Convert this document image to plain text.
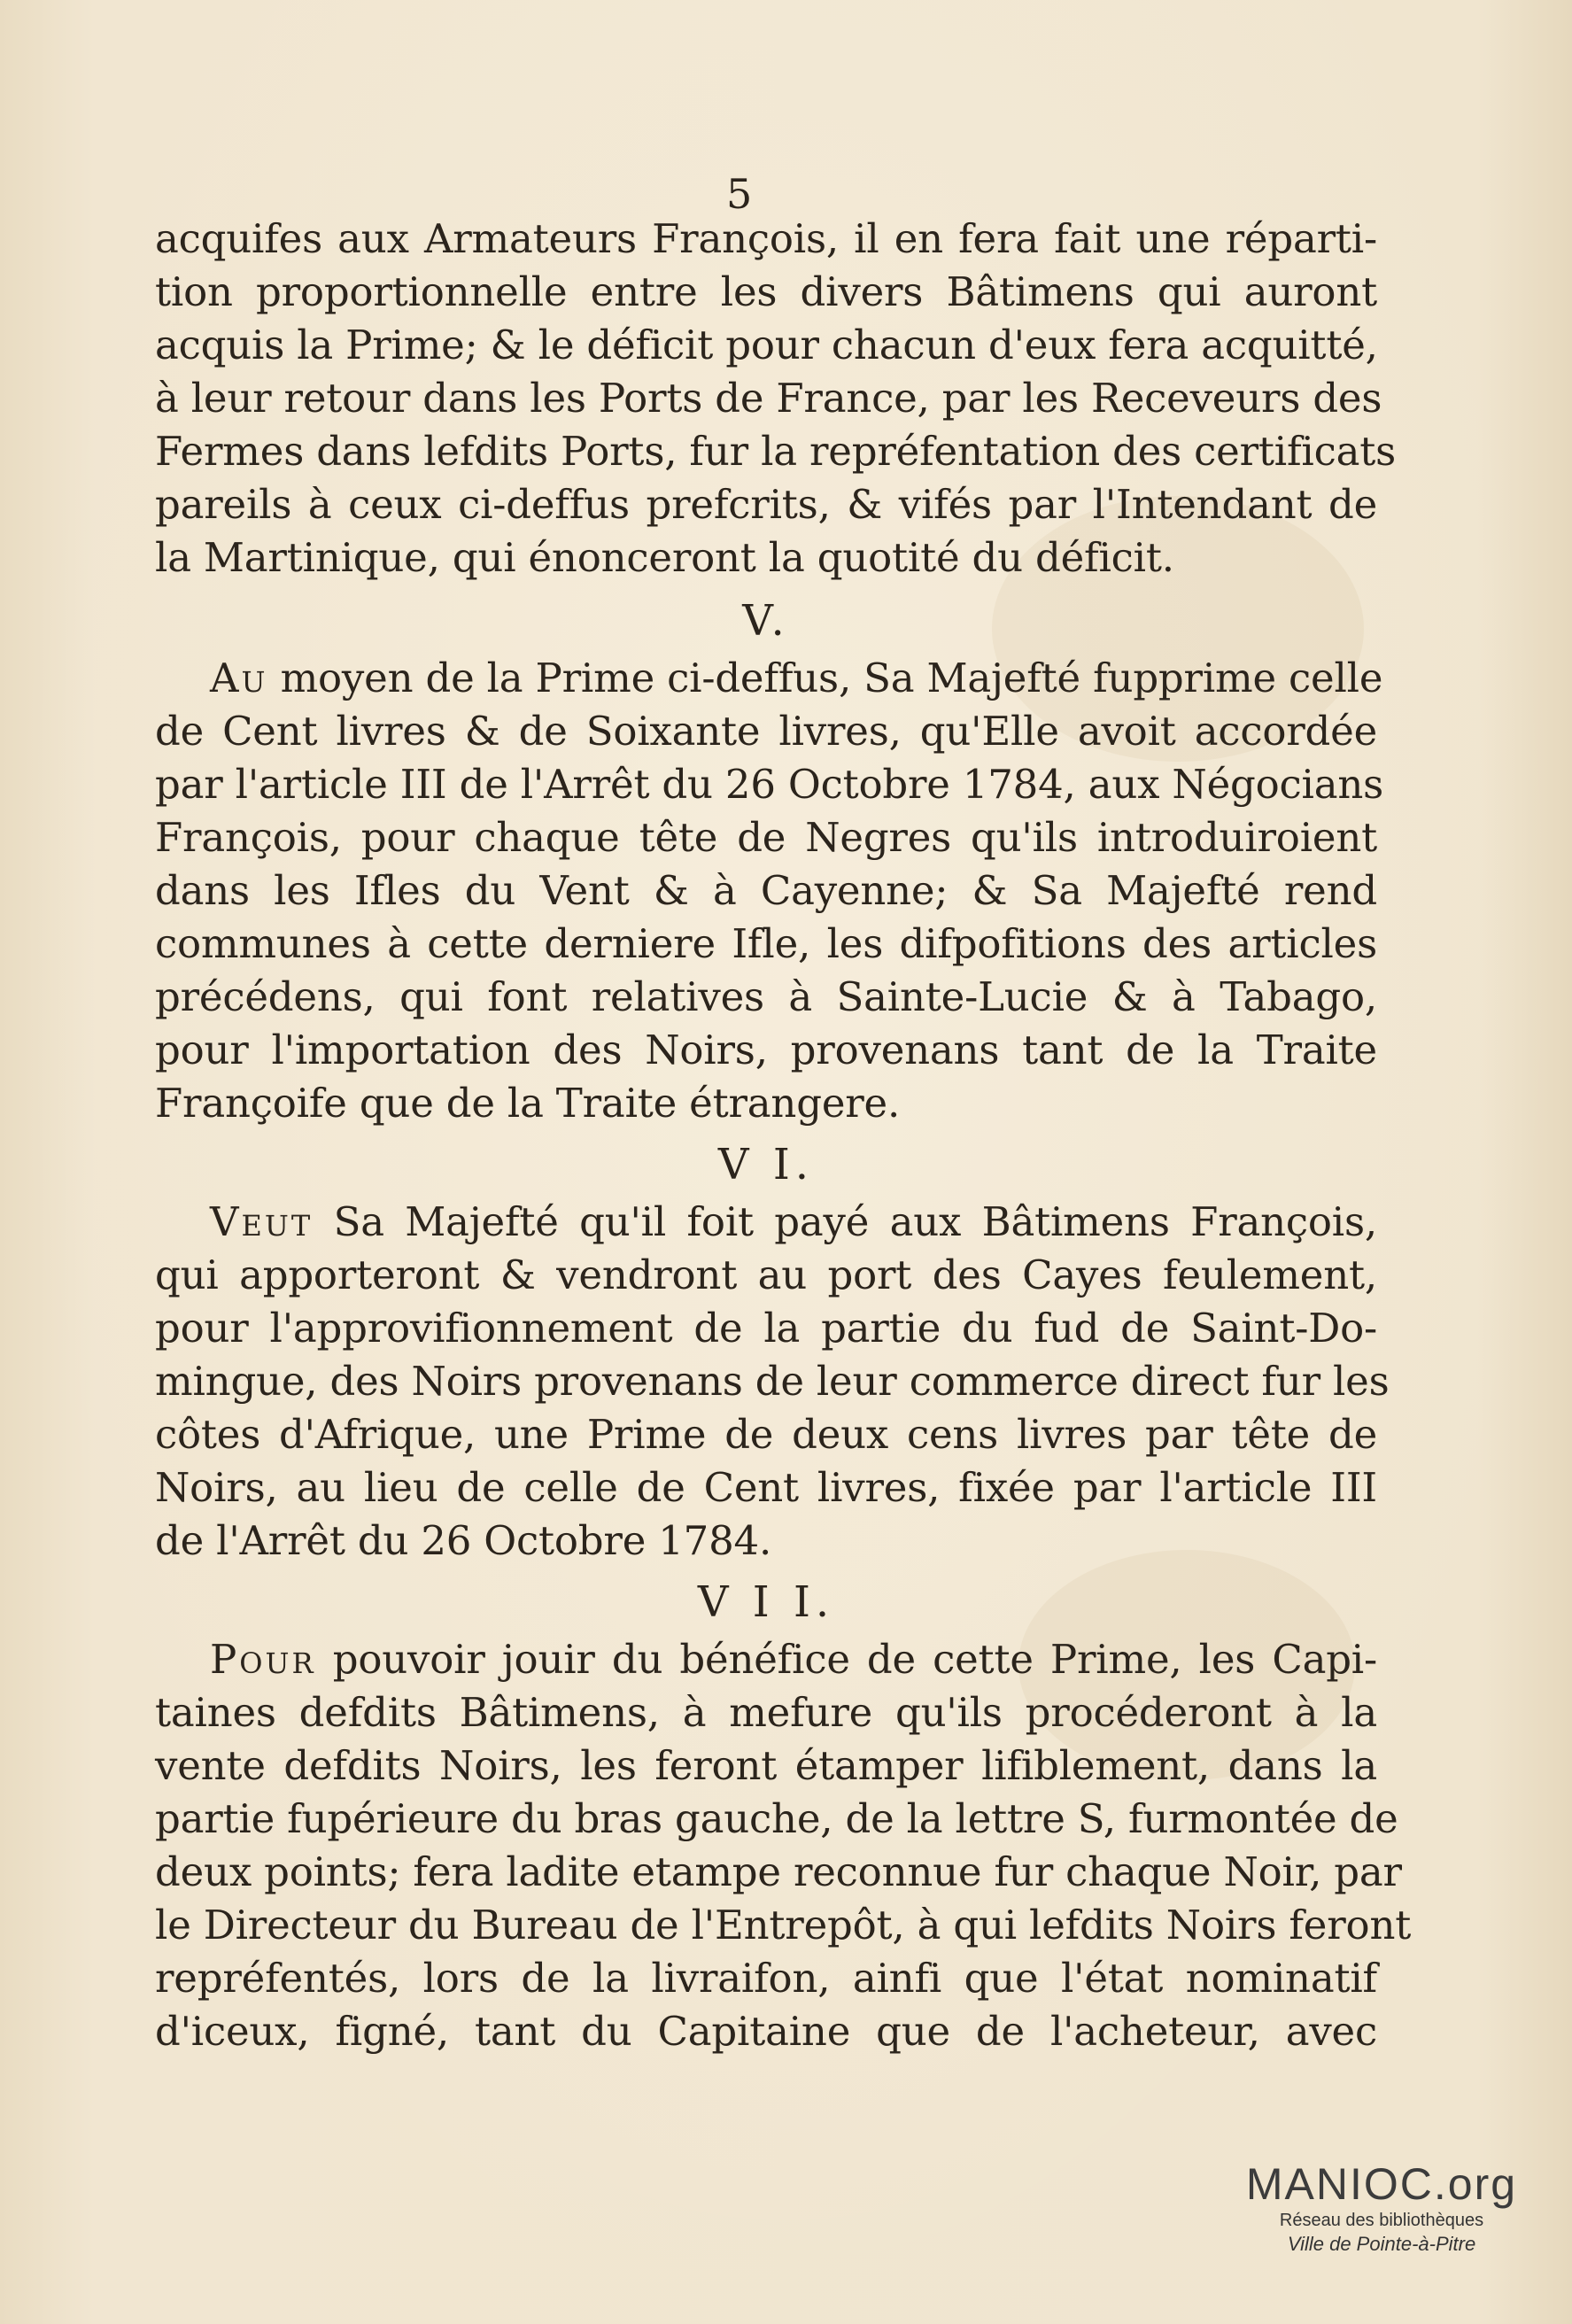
5
acquifes aux Armateurs François, il en fera fait une réparti-
tion proportionnelle entre les divers Bâtimens qui auront
acquis la Prime; & le déficit pour chacun d'eux fera acquitté,
à leur retour dans les Ports de France, par les Receveurs des
Fermes dans lefdits Ports, fur la repréfentation des certificats
pareils à ceux ci-deffus prefcrits, & vifés par l'Intendant de
la Martinique, qui énonceront la quotité du déficit.
V.
Au moyen de la Prime ci-deffus, Sa Majefté fupprime celle
de Cent livres & de Soixante livres, qu'Elle avoit accordée
par l'article III de l'Arrêt du 26 Octobre 1784, aux Négocians
François, pour chaque tête de Negres qu'ils introduiroient
dans les Ifles du Vent & à Cayenne; & Sa Majefté rend
communes à cette derniere Ifle, les difpofitions des articles
précédens, qui font relatives à Sainte-Lucie & à Tabago,
pour l'importation des Noirs, provenans tant de la Traite
Françoife que de la Traite étrangere.
V I.
Veut Sa Majefté qu'il foit payé aux Bâtimens François,
qui apporteront & vendront au port des Cayes feulement,
pour l'approvifionnement de la partie du fud de Saint-Do-
mingue, des Noirs provenans de leur commerce direct fur les
côtes d'Afrique, une Prime de deux cens livres par tête de
Noirs, au lieu de celle de Cent livres, fixée par l'article III
de l'Arrêt du 26 Octobre 1784.
V I I.
Pour pouvoir jouir du bénéfice de cette Prime, les Capi-
taines defdits Bâtimens, à mefure qu'ils procéderont à la
vente defdits Noirs, les feront étamper lifiblement, dans la
partie fupérieure du bras gauche, de la lettre S, furmontée de
deux points; fera ladite etampe reconnue fur chaque Noir, par
le Directeur du Bureau de l'Entrepôt, à qui lefdits Noirs feront
repréfentés, lors de la livraifon, ainfi que l'état nominatif
d'iceux, figné, tant du Capitaine que de l'acheteur, avec
MANIOC.org
Réseau des bibliothèques
Ville de Pointe-à-Pitre
